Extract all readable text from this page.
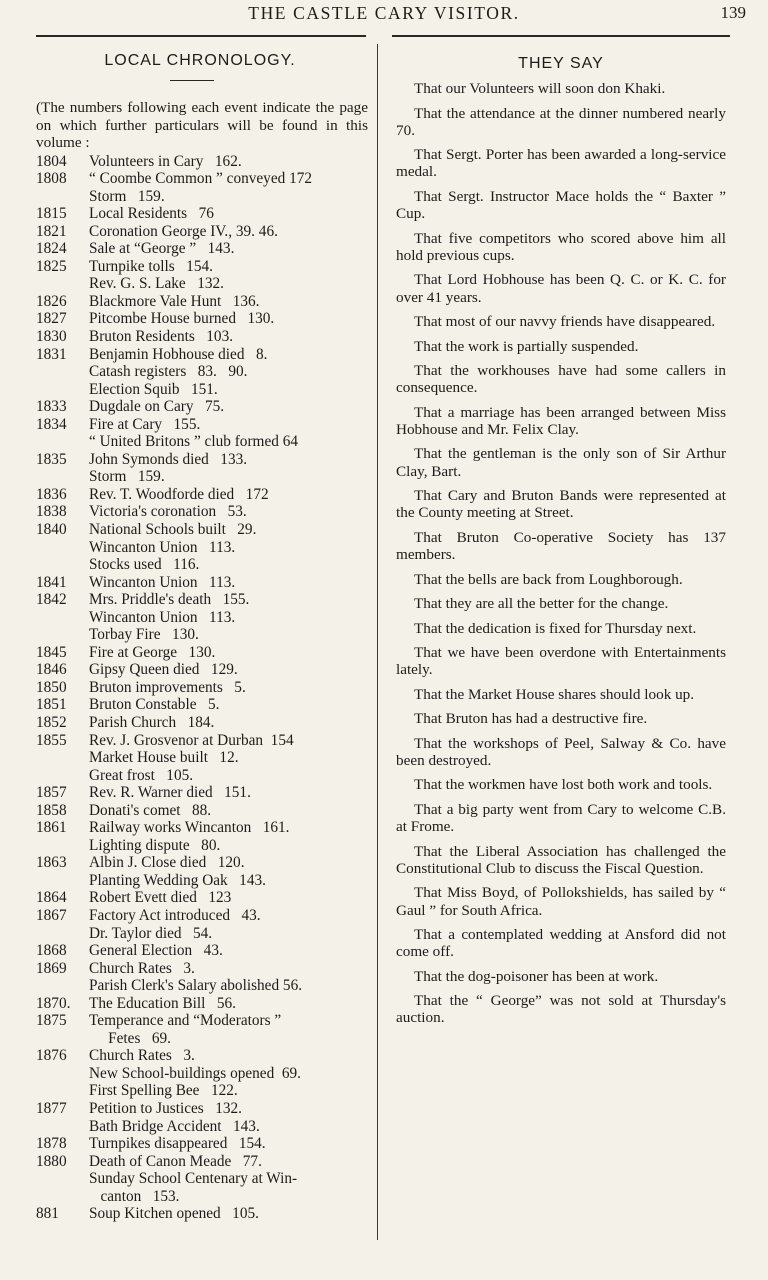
THE CASTLE CARY VISITOR.	139
LOCAL CHRONOLOGY.
(The numbers following each event indicate the page on which further particulars will be found in this volume :
1804	Volunteers in Cary   162.
1808	“ Coombe Common ” conveyed 172
Storm   159.
1815	Local Residents   76
1821	Coronation George IV., 39. 46.
1824	Sale at “George ”   143.
1825	Turnpike tolls   154.
Rev. G. S. Lake   132.
1826	Blackmore Vale Hunt   136.
1827	Pitcombe House burned   130.
1830	Bruton Residents   103.
1831	Benjamin Hobhouse died   8.
Catash registers   83.   90.
Election Squib   151.
1833	Dugdale on Cary   75.
1834	Fire at Cary   155.
“ United Britons ” club formed 64
1835	John Symonds died   133.
Storm   159.
1836	Rev. T. Woodforde died   172
1838	Victoria's coronation   53.
1840	National Schools built   29.
Wincanton Union   113.
Stocks used   116.
1841	Wincanton Union   113.
1842	Mrs. Priddle's death   155.
Wincanton Union   113.
Torbay Fire   130.
1845	Fire at George   130.
1846	Gipsy Queen died   129.
1850	Bruton improvements   5.
1851	Bruton Constable   5.
1852	Parish Church   184.
1855	Rev. J. Grosvenor at Durban  154
Market House built   12.
Great frost   105.
1857	Rev. R. Warner died   151.
1858	Donati's comet   88.
1861	Railway works Wincanton   161.
Lighting dispute   80.
1863	Albin J. Close died   120.
Planting Wedding Oak   143.
1864	Robert Evett died   123
1867	Factory Act introduced   43.
Dr. Taylor died   54.
1868	General Election   43.
1869	Church Rates   3.
Parish Clerk's Salary abolished 56.
1870.	The Education Bill   56.
1875	Temperance and “Moderators ”
Fetes   69.
1876	Church Rates   3.
New School-buildings opened  69.
First Spelling Bee   122.
1877	Petition to Justices   132.
Bath Bridge Accident   143.
1878	Turnpikes disappeared   154.
1880	Death of Canon Meade   77.
Sunday School Centenary at Win-
canton   153.
881	Soup Kitchen opened   105.
THEY SAY

That our Volunteers will soon don Khaki.

That the attendance at the dinner numbered nearly 70.

That Sergt. Porter has been awarded a long-service medal.

That Sergt. Instructor Mace holds the “ Baxter ” Cup.

That five competitors who scored above him all hold previous cups.

That Lord Hobhouse has been Q. C. or K. C. for over 41 years.

That most of our navvy friends have disappeared.

That the work is partially suspended.

That the workhouses have had some callers in consequence.

That a marriage has been arranged between Miss Hobhouse and Mr. Felix Clay.

That the gentleman is the only son of Sir Arthur Clay, Bart.

That Cary and Bruton Bands were represented at the County meeting at Street.

That Bruton Co-operative Society has 137 members.

That the bells are back from Loughborough.

That they are all the better for the change.

That the dedication is fixed for Thursday next.

That we have been overdone with Entertainments lately.

That the Market House shares should look up.

That Bruton has had a destructive fire.

That the workshops of Peel, Salway & Co. have been destroyed.

That the workmen have lost both work and tools.

That a big party went from Cary to welcome C.B. at Frome.

That the Liberal Association has challenged the Constitutional Club to discuss the Fiscal Question.

That Miss Boyd, of Pollokshields, has sailed by “ Gaul ” for South Africa.

That a contemplated wedding at Ansford did not come off.

That the dog-poisoner has been at work.

That the “ George” was not sold at Thursday's auction.
